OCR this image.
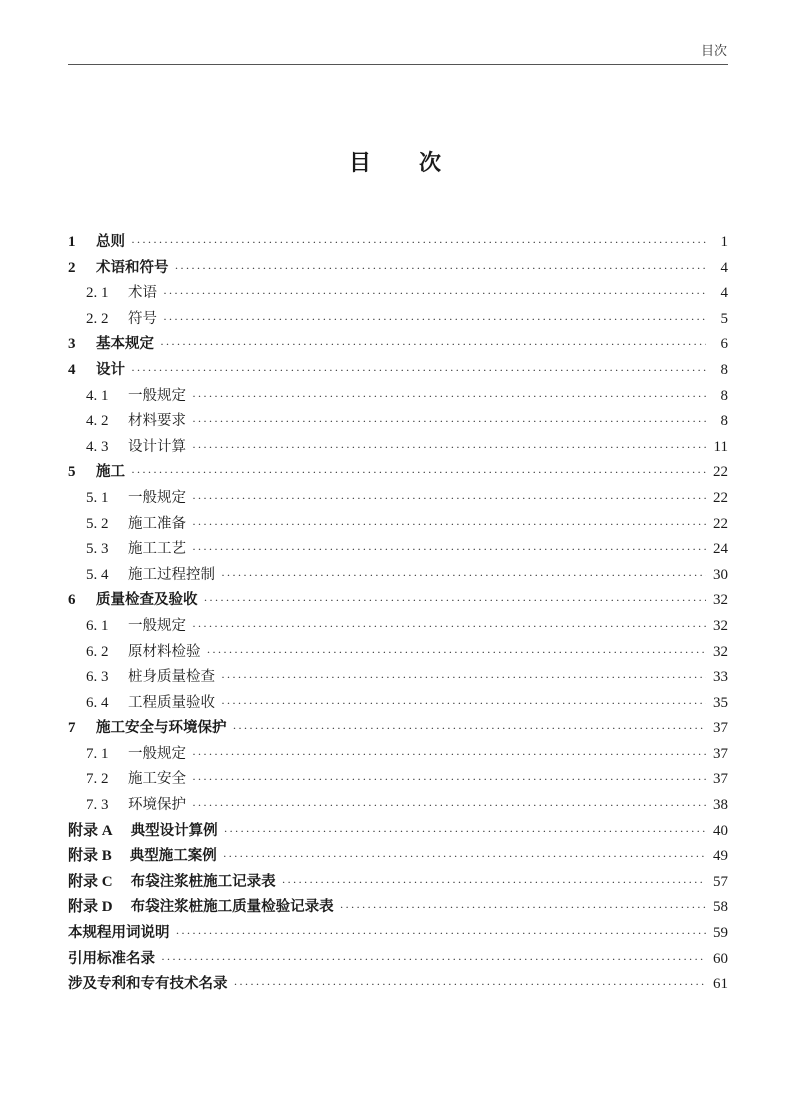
目次
目次
1	总则 ·····	1
2	术语和符号 ·····	4
2. 1	术语 ·····	4
2. 2	符号 ·····	5
3	基本规定 ·····	6
4	设计 ·····	8
4. 1	一般规定 ·····	8
4. 2	材料要求 ·····	8
4. 3	设计计算 ·····	11
5	施工 ·····	22
5. 1	一般规定 ·····	22
5. 2	施工准备 ·····	22
5. 3	施工工艺 ·····	24
5. 4	施工过程控制 ·····	30
6	质量检查及验收 ·····	32
6. 1	一般规定 ·····	32
6. 2	原材料检验 ·····	32
6. 3	桩身质量检查 ·····	33
6. 4	工程质量验收 ·····	35
7	施工安全与环境保护 ·····	37
7. 1	一般规定 ·····	37
7. 2	施工安全 ·····	37
7. 3	环境保护 ·····	38
附录 A 典型设计算例 ·····	40
附录 B 典型施工案例 ·····	49
附录 C 布袋注浆桩施工记录表 ·····	57
附录 D 布袋注浆桩施工质量检验记录表 ·····	58
本规程用词说明 ·····	59
引用标准名录 ·····	60
涉及专利和专有技术名录 ·····	61
